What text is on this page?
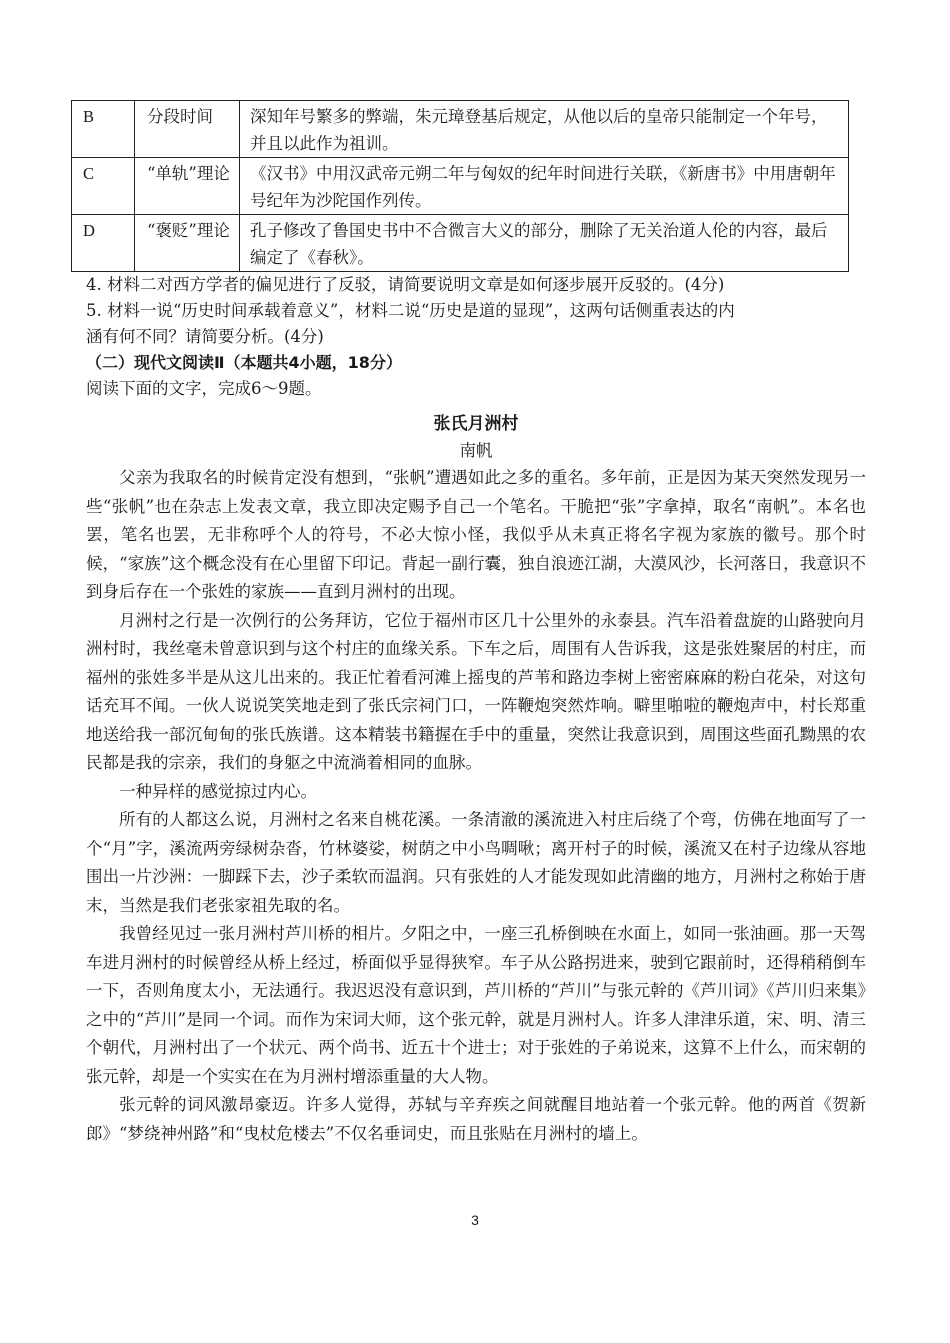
B	分段时间	深知年号繁多的弊端，朱元璋登基后规定，从他以后的皇帝只能制定一个年号，并且以此作为祖训。
C	“单轨”理论	《汉书》中用汉武帝元朔二年与匈奴的纪年时间进行关联，《新唐书》中用唐朝年号纪年为沙陀国作列传。
D	“褒贬”理论	孔子修改了鲁国史书中不合微言大义的部分，删除了无关治道人伦的内容，最后编定了《春秋》。
4. 材料二对西方学者的偏见进行了反驳，请简要说明文章是如何逐步展开反驳的。(4分)
5. 材料一说“历史时间承载着意义”，材料二说“历史是道的显现”，这两句话侧重表达的内
涵有何不同？请简要分析。(4分)
（二）现代文阅读Ⅱ（本题共4小题，18分）
阅读下面的文字，完成6～9题。
张氏月洲村
南帆

父亲为我取名的时候肯定没有想到，“张帆”遭遇如此之多的重名。多年前，正是因为某天突然发现另一些“张帆”也在杂志上发表文章，我立即决定赐予自己一个笔名。干脆把“张”字拿掉，取名“南帆”。本名也罢，笔名也罢，无非称呼个人的符号，不必大惊小怪，我似乎从未真正将名字视为家族的徽号。那个时候，“家族”这个概念没有在心里留下印记。背起一副行囊，独自浪迹江湖，大漠风沙，长河落日，我意识不到身后存在一个张姓的家族——直到月洲村的出现。

月洲村之行是一次例行的公务拜访，它位于福州市区几十公里外的永泰县。汽车沿着盘旋的山路驶向月洲村时，我丝毫未曾意识到与这个村庄的血缘关系。下车之后，周围有人告诉我，这是张姓聚居的村庄，而福州的张姓多半是从这儿出来的。我正忙着看河滩上摇曳的芦苇和路边李树上密密麻麻的粉白花朵，对这句话充耳不闻。一伙人说说笑笑地走到了张氏宗祠门口，一阵鞭炮突然炸响。噼里啪啦的鞭炮声中，村长郑重地送给我一部沉甸甸的张氏族谱。这本精装书籍握在手中的重量，突然让我意识到，周围这些面孔黝黑的农民都是我的宗亲，我们的身躯之中流淌着相同的血脉。

一种异样的感觉掠过内心。

所有的人都这么说，月洲村之名来自桃花溪。一条清澈的溪流进入村庄后绕了个弯，仿佛在地面写了一个“月”字，溪流两旁绿树杂沓，竹林婆娑，树荫之中小鸟啁啾；离开村子的时候，溪流又在村子边缘从容地围出一片沙洲：一脚踩下去，沙子柔软而温润。只有张姓的人才能发现如此清幽的地方，月洲村之称始于唐末，当然是我们老张家祖先取的名。

我曾经见过一张月洲村芦川桥的相片。夕阳之中，一座三孔桥倒映在水面上，如同一张油画。那一天驾车进月洲村的时候曾经从桥上经过，桥面似乎显得狭窄。车子从公路拐进来，驶到它跟前时，还得稍稍倒车一下，否则角度太小，无法通行。我迟迟没有意识到，芦川桥的“芦川”与张元幹的《芦川词》《芦川归来集》之中的“芦川”是同一个词。而作为宋词大师，这个张元幹，就是月洲村人。许多人津津乐道，宋、明、清三个朝代，月洲村出了一个状元、两个尚书、近五十个进士；对于张姓的子弟说来，这算不上什么，而宋朝的张元幹，却是一个实实在在为月洲村增添重量的大人物。

张元幹的词风激昂豪迈。许多人觉得，苏轼与辛弃疾之间就醒目地站着一个张元幹。他的两首《贺新郎》“梦绕神州路”和“曳杖危楼去”不仅名垂词史，而且张贴在月洲村的墙上。

3
